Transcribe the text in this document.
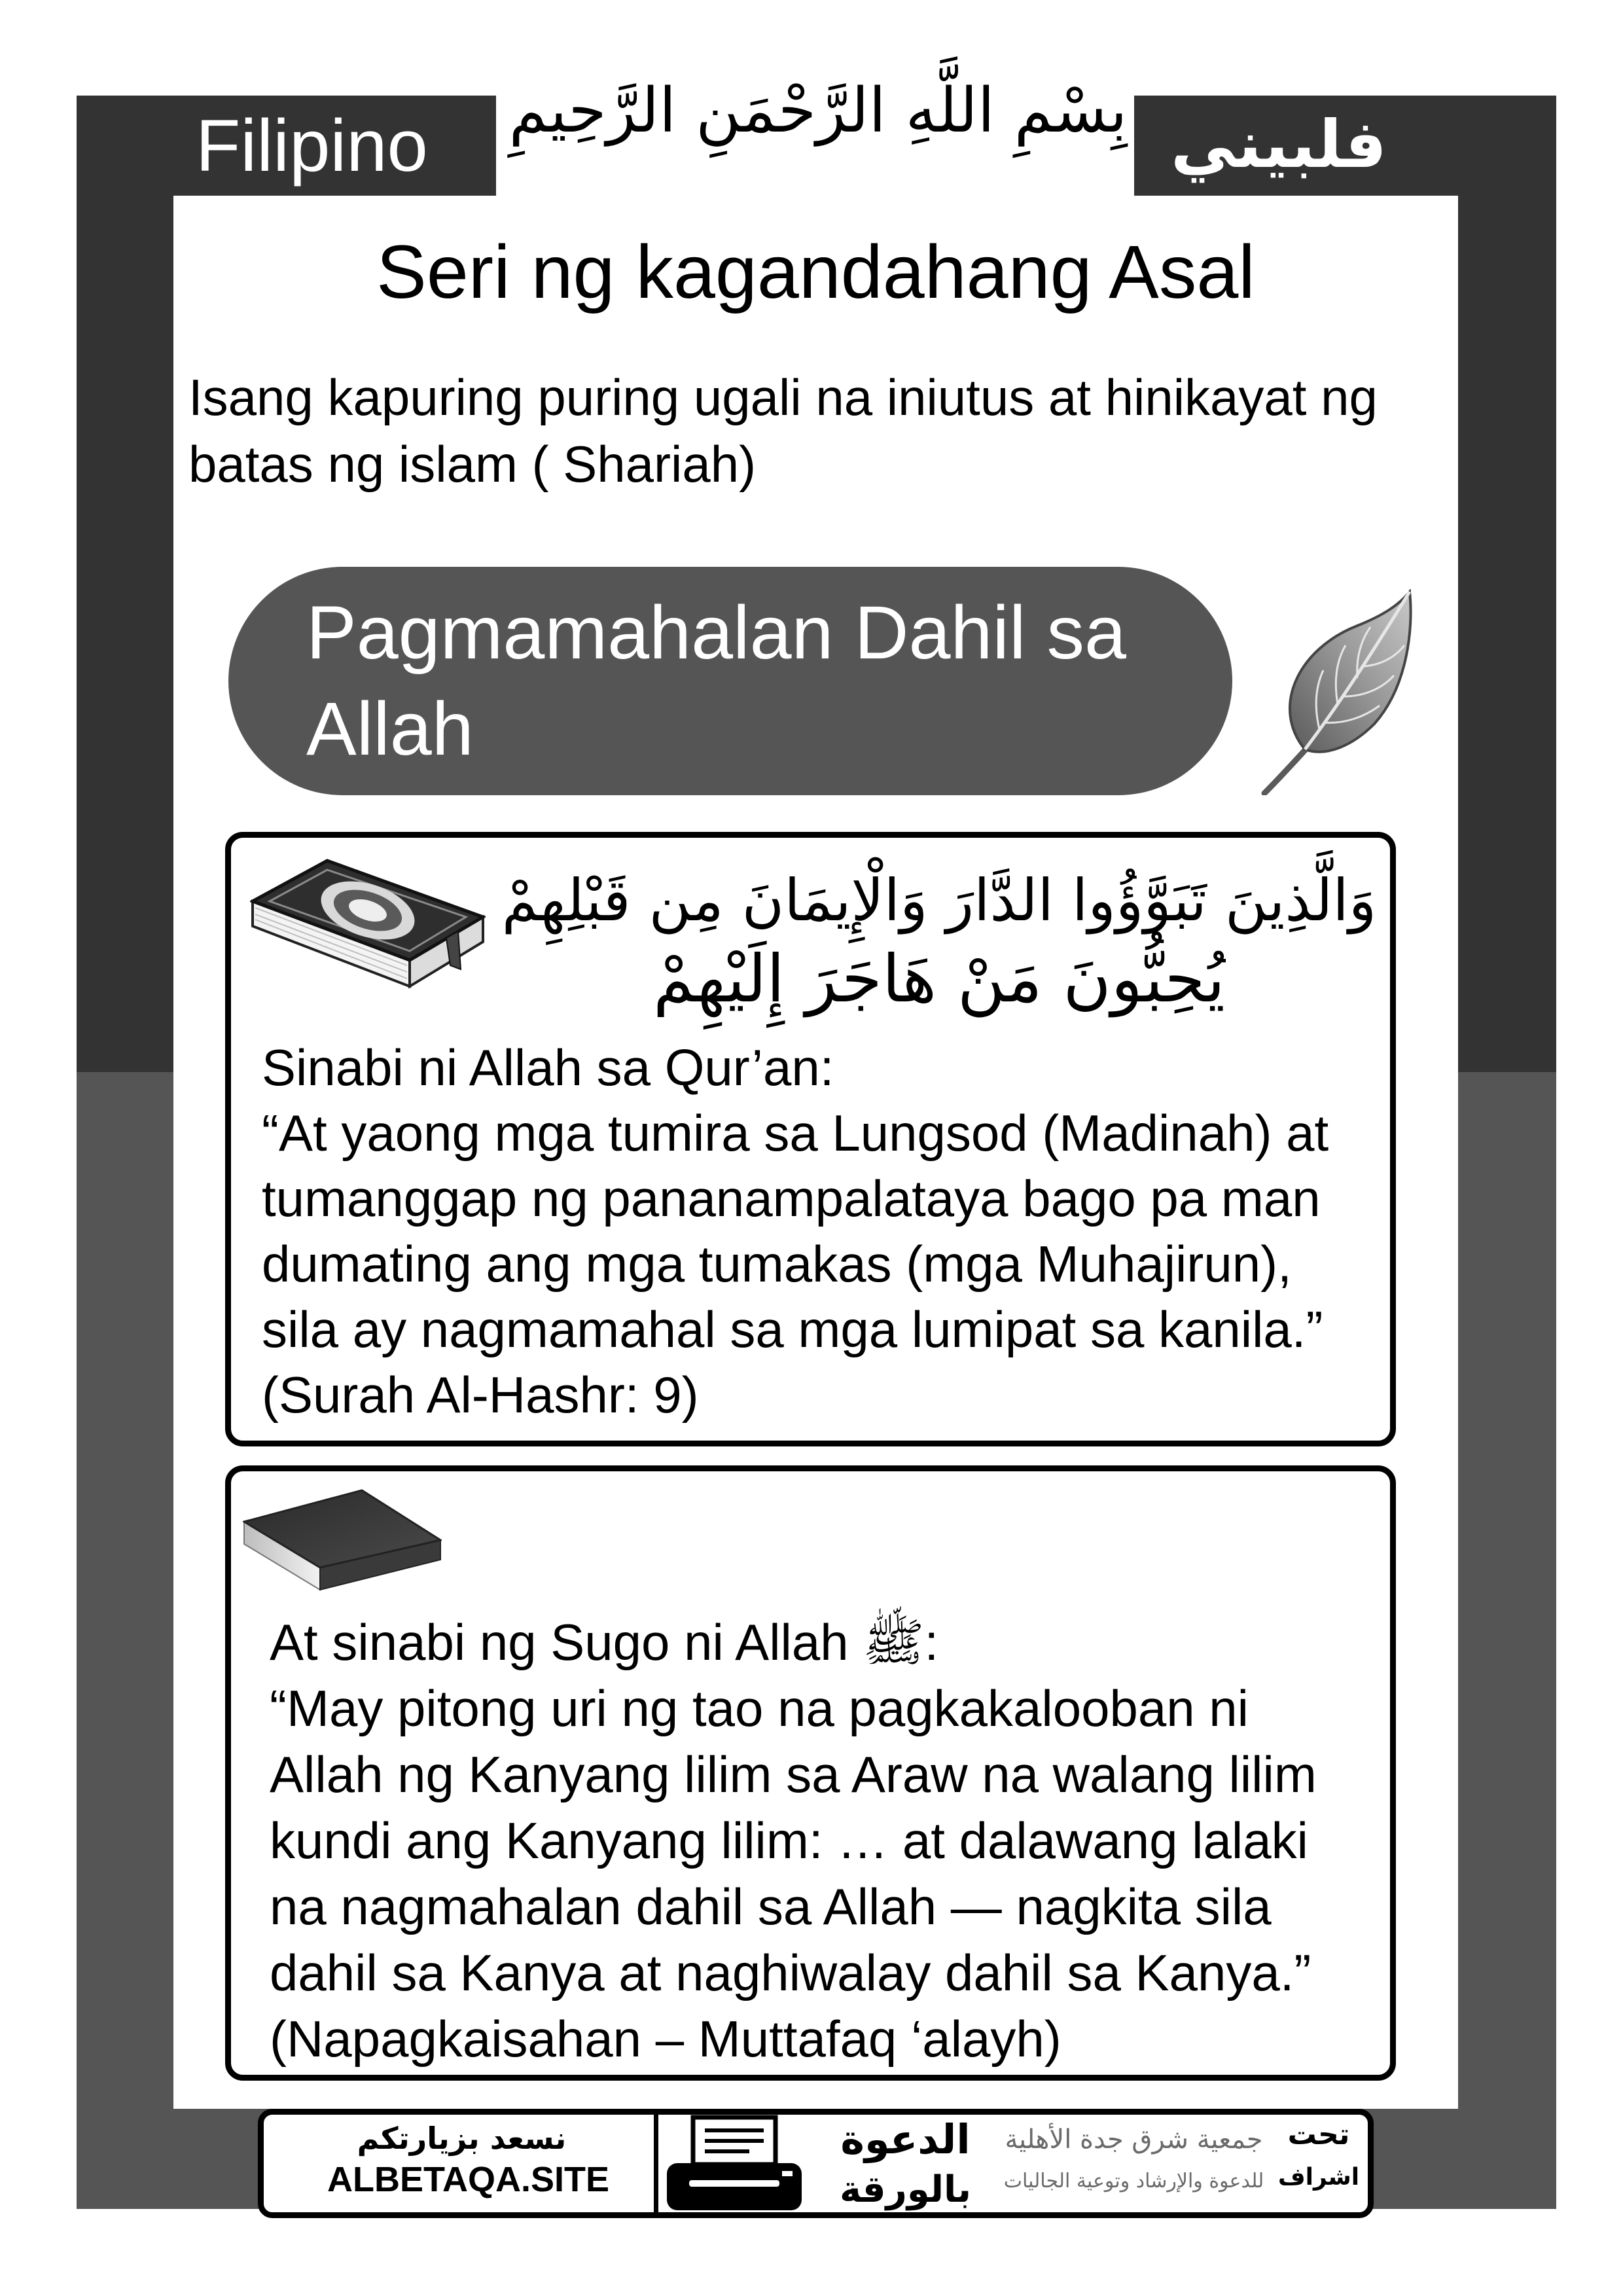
Filipino	بِسْمِ اللَّهِ الرَّحْمَنِ الرَّحِيمِ فلبيني
Seri ng kagandahang Asal
Isang kapuring puring ugali na iniutus at hinikayat ng
batas ng islam ( Shariah)
Pagmamahalan Dahil sa
Allah
وَالَّذِينَ تَبَوَّؤُوا الدَّارَ وَالْإِيمَانَ مِن قَبْلِهِمْ
يُحِبُّونَ مَنْ هَاجَرَ إِلَيْهِمْ
Sinabi ni Allah sa Qur’an:
“At yaong mga tumira sa Lungsod (Madinah) at
tumanggap ng pananampalataya bago pa man
dumating ang mga tumakas (mga Muhajirun),
sila ay nagmamahal sa mga lumipat sa kanila.”
(Surah Al-Hashr: 9)
At sinabi ng Sugo ni Allah ﷺ:
“May pitong uri ng tao na pagkakalooban ni
Allah ng Kanyang lilim sa Araw na walang lilim
kundi ang Kanyang lilim: … at dalawang lalaki
na nagmahalan dahil sa Allah — nagkita sila
dahil sa Kanya at naghiwalay dahil sa Kanya.”
(Napagkaisahan – Muttafaq ‘alayh)
نسعد بزيارتكم
ALBETAQA.SITE
الدعوة
بالورقة
جمعية شرق جدة الأهلية
للدعوة والإرشاد وتوعية الجاليات
تحت
اشراف
